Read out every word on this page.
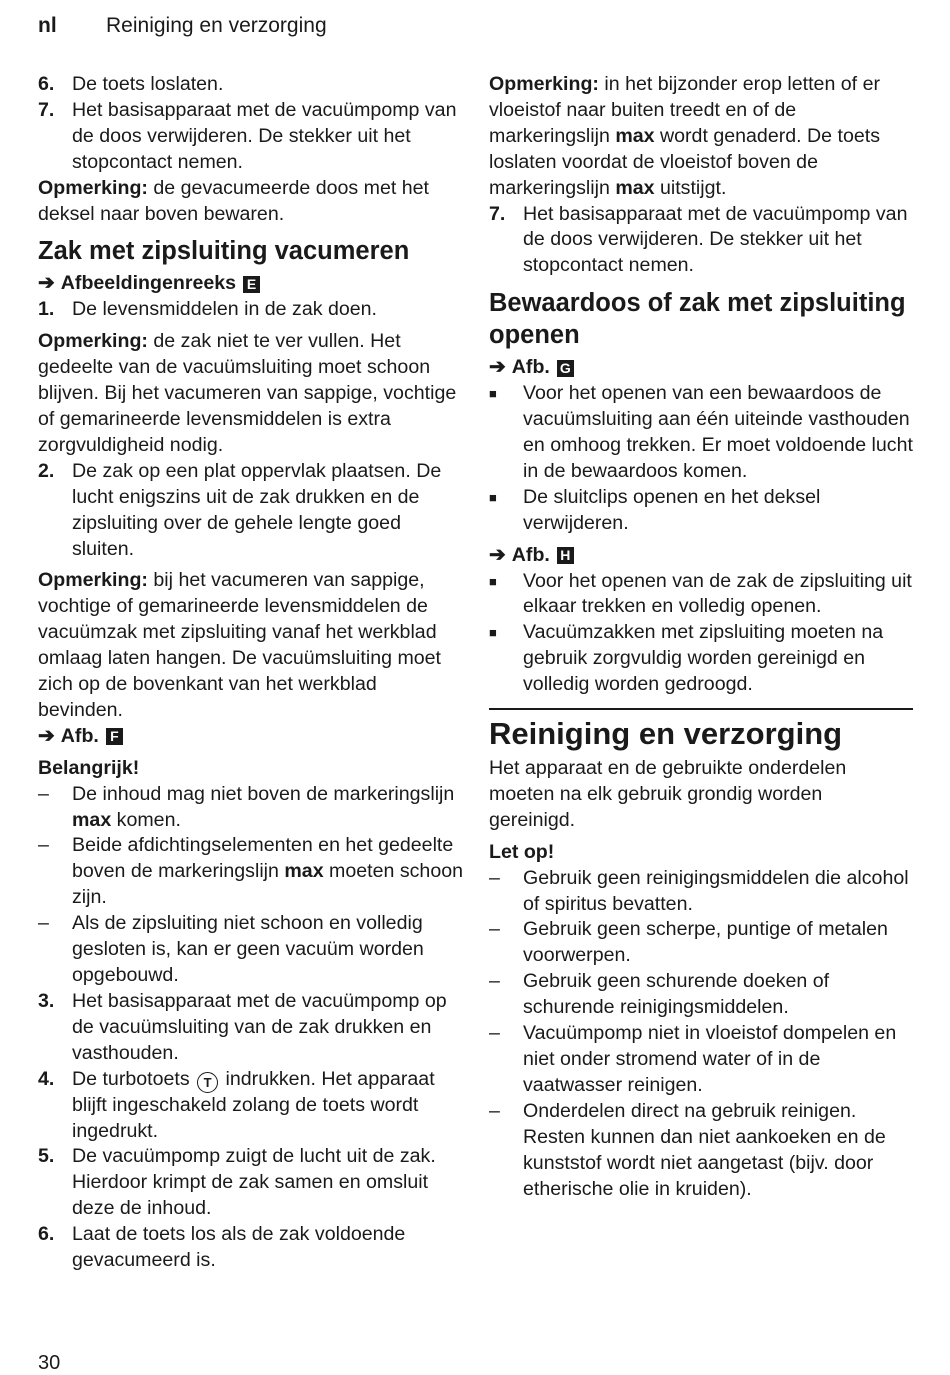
nl Reiniging en verzorging
6. De toets loslaten.
7. Het basisapparaat met de vacuümpomp van de doos verwijderen. De stekker uit het stopcontact nemen.

Opmerking: de gevacumeerde doos met het deksel naar boven bewaren.

Zak met zipsluiting vacumeren
➔ Afbeeldingenreeks E
1. De levensmiddelen in de zak doen.

Opmerking: de zak niet te ver vullen. Het gedeelte van de vacuümsluiting moet schoon blijven. Bij het vacumeren van sappige, vochtige of gemarineerde levensmiddelen is extra zorgvuldigheid nodig.

2. De zak op een plat oppervlak plaatsen. De lucht enigszins uit de zak drukken en de zipsluiting over de gehele lengte goed sluiten.

Opmerking: bij het vacumeren van sappige, vochtige of gemarineerde levensmiddelen de vacuümzak met zipsluiting vanaf het werkblad omlaag laten hangen. De vacuümsluiting moet zich op de bovenkant van het werkblad bevinden.

➔ Afb. F

Belangrijk!

–	De inhoud mag niet boven de markeringslijn max komen.
–	Beide afdichtingselementen en het gedeelte boven de markeringslijn max moeten schoon zijn.
–	Als de zipsluiting niet schoon en volledig gesloten is, kan er geen vacuüm worden opgebouwd.
3. Het basisapparaat met de vacuümpomp op de vacuümsluiting van de zak drukken en vasthouden.
4. De turbotoets T indrukken. Het apparaat blijft ingeschakeld zolang de toets wordt ingedrukt.
5. De vacuümpomp zuigt de lucht uit de zak. Hierdoor krimpt de zak samen en omsluit deze de inhoud.
6. Laat de toets los als de zak voldoende gevacumeerd is.

Opmerking: in het bijzonder erop letten of er vloeistof naar buiten treedt en of de markeringslijn max wordt genaderd. De toets loslaten voordat de vloeistof boven de markeringslijn max uitstijgt.

7. Het basisapparaat met de vacuümpomp van de doos verwijderen. De stekker uit het stopcontact nemen.
Bewaardoos of zak met zipsluiting openen
➔ Afb. G
■	Voor het openen van een bewaardoos de vacuümsluiting aan één uiteinde vasthouden en omhoog trekken. Er moet voldoende lucht in de bewaardoos komen.
■	De sluitclips openen en het deksel verwijderen.
➔ Afb. H
■	Voor het openen van de zak de zipsluiting uit elkaar trekken en volledig openen.
■	Vacuümzakken met zipsluiting moeten na gebruik zorgvuldig worden gereinigd en volledig worden gedroogd.
Reiniging en verzorging

Het apparaat en de gebruikte onderdelen moeten na elk gebruik grondig worden gereinigd.

Let op!

–	Gebruik geen reinigingsmiddelen die alcohol of spiritus bevatten.
–	Gebruik geen scherpe, puntige of metalen voorwerpen.
–	Gebruik geen schurende doeken of schurende reinigingsmiddelen.
–	Vacuümpomp niet in vloeistof dompelen en niet onder stromend water of in de vaatwasser reinigen.
–	Onderdelen direct na gebruik reinigen. Resten kunnen dan niet aankoeken en de kunststof wordt niet aangetast (bijv. door etherische olie in kruiden).
30
